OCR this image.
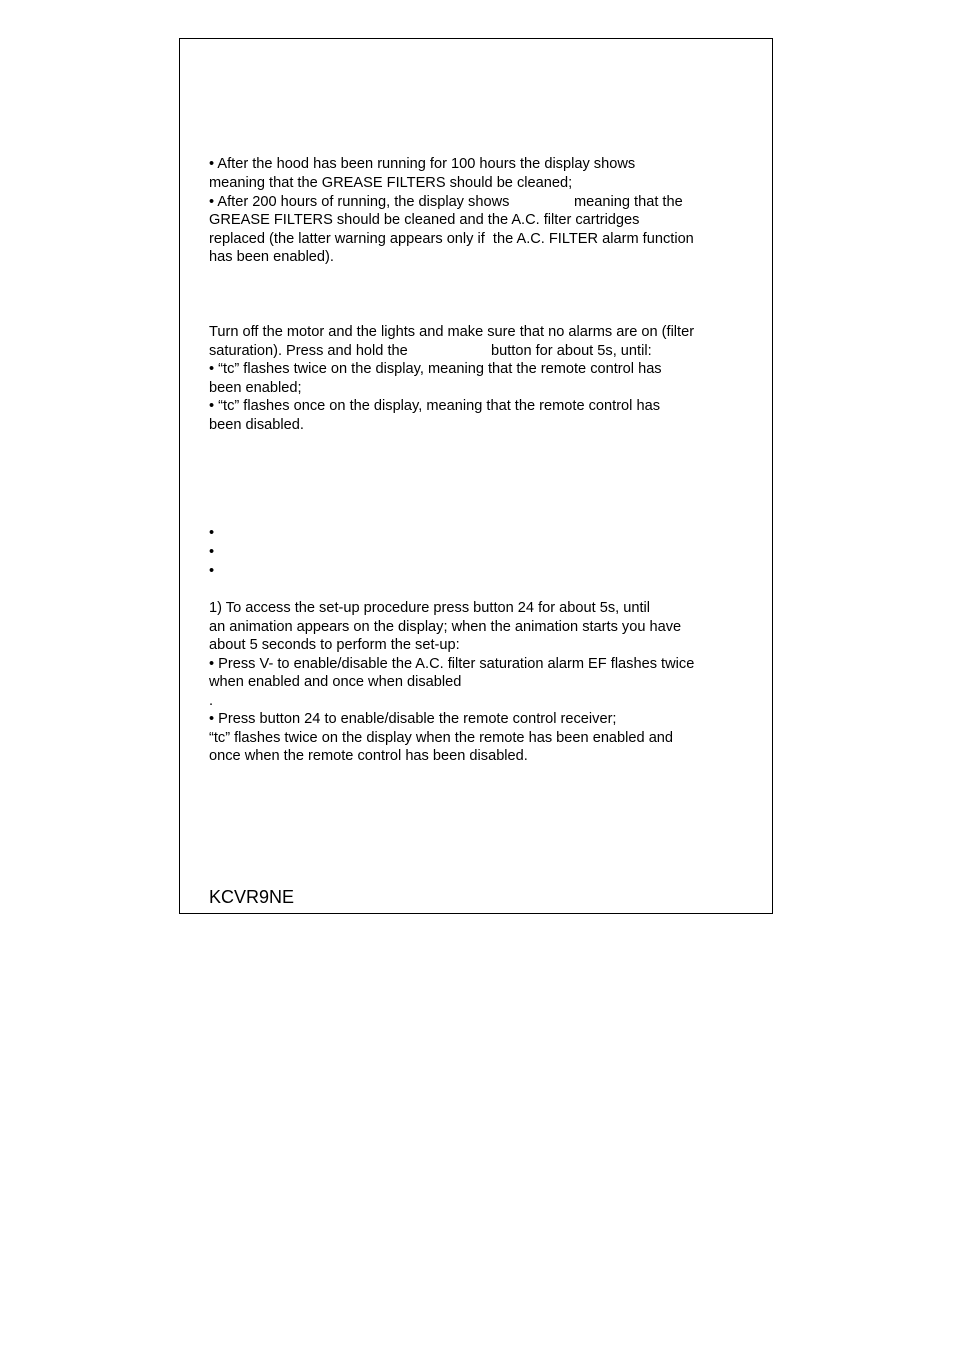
• After the hood has been running for 100 hours the display shows

meaning that the GREASE FILTERS should be cleaned;

• After 200 hours of running, the display shows	meaning that the

GREASE FILTERS should be cleaned and the A.C. filter cartridges

replaced (the latter warning appears only if  the A.C. FILTER alarm function

has been enabled).

Turn off the motor and the lights and make sure that no alarms are on (filter

saturation). Press and hold the	button for about 5s, until:

• “tc” flashes twice on the display, meaning that the remote control has

been enabled;

• “tc” flashes once on the display, meaning that the remote control has

been disabled.

•

•

•

1) To access the set-up procedure press button 24 for about 5s, until

an animation appears on the display; when the animation starts you have

about 5 seconds to perform the set-up:

• Press V- to enable/disable the A.C. filter saturation alarm EF flashes twice

when enabled and once when disabled

.

• Press button 24 to enable/disable the remote control receiver;

“tc” flashes twice on the display when the remote has been enabled and

once when the remote control has been disabled.

KCVR9NE
